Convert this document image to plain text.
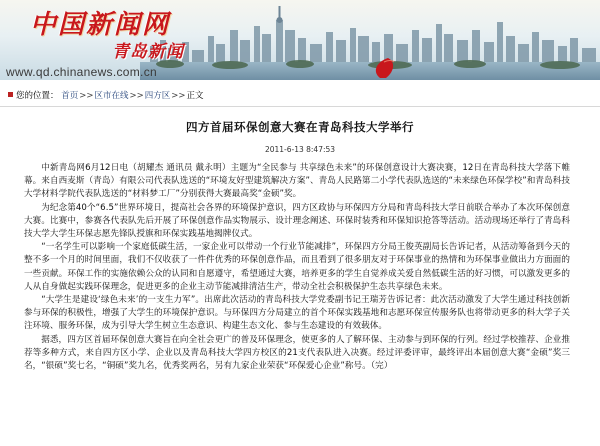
中国新闻网
青岛新闻
www.qd.chinanews.com.cn
您的位置： 首页>>区市在线>>四方区>>正文
四方首届环保创意大赛在青岛科技大学举行
2011-6-13 8:47:53

中新青岛网6月12日电（胡耀杰 通讯员 戴永明）主题为“全民参与 共享绿色未来”的环保创意设计大赛决赛，12日在青岛科技大学落下帷幕。来自西麦斯（青岛）有限公司代表队选送的“环境友好型建筑解决方案”、青岛人民路第二小学代表队选送的“未来绿色环保学校”和青岛科技大学材料学院代表队选送的“材料梦工厂”分别获得大赛最高奖“金硕”奖。

为纪念第40个“6.5”世界环境日，提高社会各界的环境保护意识，四方区政协与环保四方分局和青岛科技大学日前联合举办了本次环保创意大赛。比赛中，参赛各代表队先后开展了环保创意作品实物展示、设计理念阐述、环保时装秀和环保知识抢答等活动。活动现场还举行了青岛科技大学大学生环保志愿先锋队授旗和环保实践基地揭牌仪式。

“一名学生可以影响一个家庭低碳生活，一家企业可以带动一个行业节能减排”，环保四方分局王俊英副局长告诉记者，从活动筹备到今天的整不多一个月的时间里面，我们不仅收获了一件件优秀的环保创意作品，而且看到了很多朋友对于环保事业的热情和为环保事业做出力方面面的一些贡献。环保工作的实施依赖公众的认同和自愿遵守，希望通过大赛，培养更多的学生自觉养成关爱自然低碳生活的好习惯，可以激发更多的人从自身做起实践环保理念，促进更多的企业主动节能减排清洁生产，带动全社会积极保护生态共享绿色未来。

“大学生是建设‘绿色未来’的一支生力军”。出席此次活动的青岛科技大学党委副书记王瑞芳告诉记者：此次活动激发了大学生通过科技创新参与环保的积极性，增强了大学生的环境保护意识。与环保四方分局建立的首个环保实践基地和志愿环保宣传服务队也将带动更多的科大学子关注环境、服务环保，成为引导大学生树立生态意识、构建生态文化、参与生态建设的有效载体。

据悉，四方区首届环保创意大赛旨在向全社会更广的普及环保理念，使更多的人了解环保、主动参与到环保的行列。经过学校推荐、企业推荐等多种方式，来自四方区小学、企业以及青岛科技大学四方校区的21支代表队进入决赛。经过评委评审，最终评出本届创意大赛“金硕”奖三名，“银硕”奖七名，“铜硕”奖九名，优秀奖两名，另有九家企业荣获“环保爱心企业”称号。（完）
